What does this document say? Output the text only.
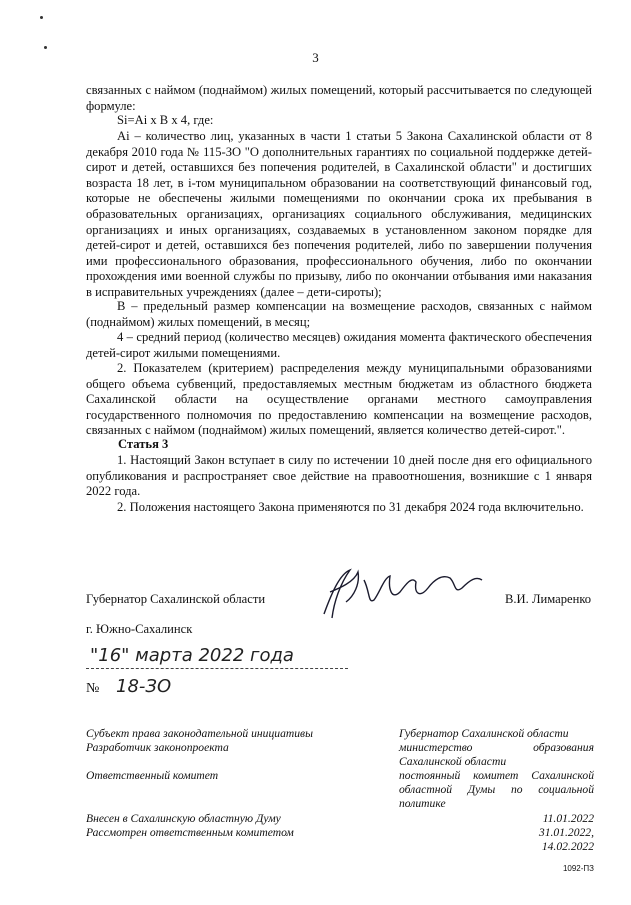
3
связанных с наймом (поднаймом) жилых помещений, который рассчитывается по следующей формуле:
Si=Ai x B x 4, где:
Ai – количество лиц, указанных в части 1 статьи 5 Закона Сахалинской области от 8 декабря 2010 года № 115-ЗО "О дополнительных гарантиях по социальной поддержке детей-сирот и детей, оставшихся без попечения родителей, в Сахалинской области" и достигших возраста 18 лет, в i-том муниципальном образовании на соответствующий финансовый год, которые не обеспечены жилыми помещениями по окончании срока их пребывания в образовательных организациях, организациях социального обслуживания, медицинских организациях и иных организациях, создаваемых в установленном законом порядке для детей-сирот и детей, оставшихся без попечения родителей, либо по завершении получения ими профессионального образования, профессионального обучения, либо по окончании прохождения ими военной службы по призыву, либо по окончании отбывания ими наказания в исправительных учреждениях (далее – дети-сироты);
В – предельный размер компенсации на возмещение расходов, связанных с наймом (поднаймом) жилых помещений, в месяц;
4 – средний период (количество месяцев) ожидания момента фактического обеспечения детей-сирот жилыми помещениями.
2. Показателем (критерием) распределения между муниципальными образованиями общего объема субвенций, предоставляемых местным бюджетам из областного бюджета Сахалинской области на осуществление органами местного самоуправления государственного полномочия по предоставлению компенсации на возмещение расходов, связанных с наймом (поднаймом) жилых помещений, является количество детей-сирот.".
Статья 3
1. Настоящий Закон вступает в силу по истечении 10 дней после дня его официального опубликования и распространяет свое действие на правоотношения, возникшие с 1 января 2022 года.
2. Положения настоящего Закона применяются по 31 декабря 2024 года включительно.
Губернатор Сахалинской области	В.И. Лимаренко
г. Южно-Сахалинск
"16" марта 2022 года
№ 18-ЗО
Субъект права законодательной инициативы
Разработчик законопроекта
Ответственный комитет
Внесен в Сахалинскую областную Думу
Рассмотрен ответственным комитетом
Губернатор Сахалинской области
министерство образования Сахалинской области
постоянный комитет Сахалинской областной Думы по социальной политике
11.01.2022
31.01.2022,
14.02.2022
1092-ПЗ
